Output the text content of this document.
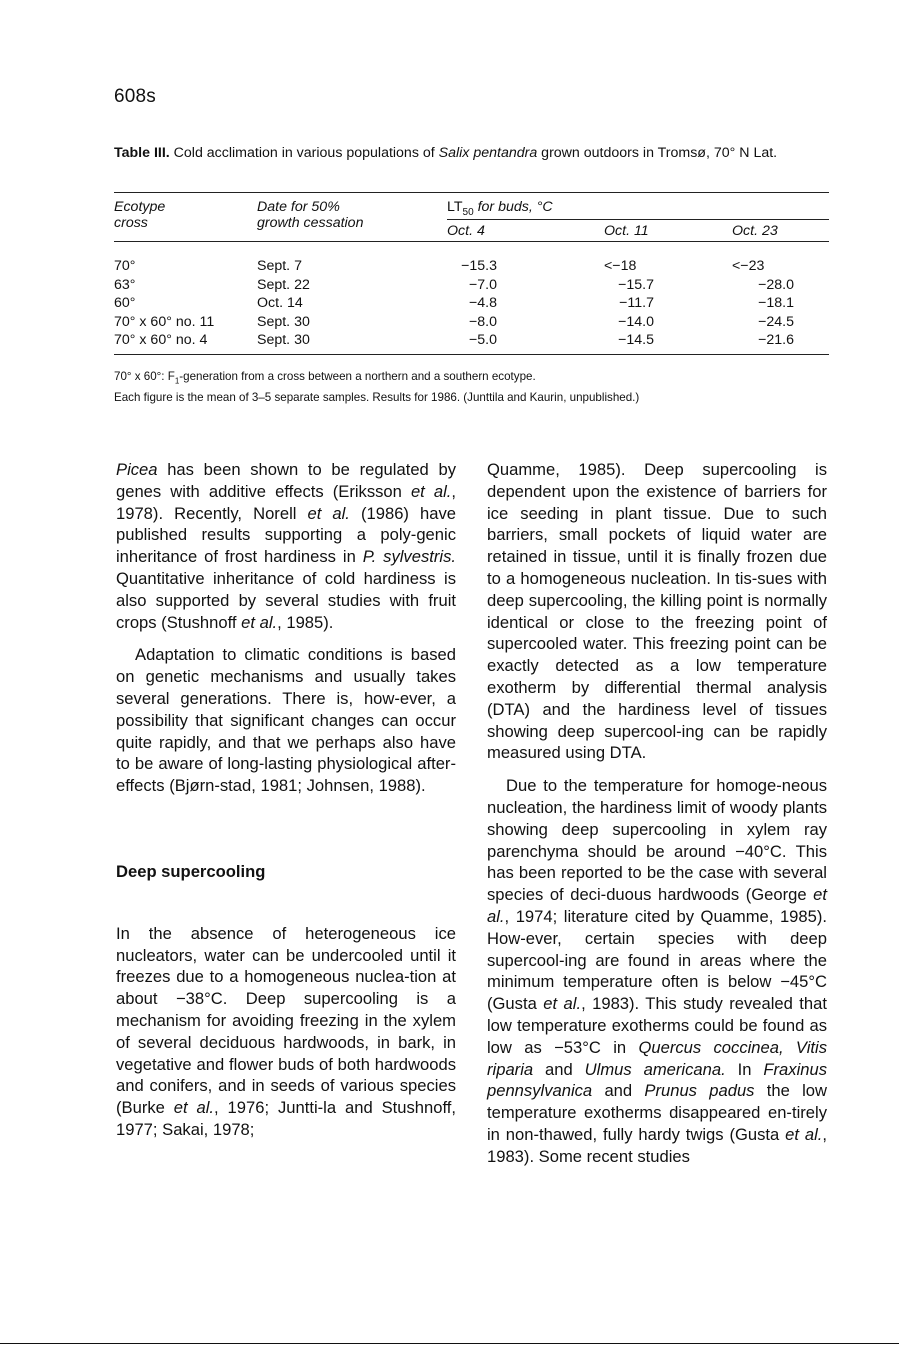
608s
Table III. Cold acclimation in various populations of Salix pentandra grown outdoors in Tromsø, 70° N Lat.
Ecotype
cross
Date for 50%
growth cessation
$LT_{50}$ for buds, °C
Oct. 4	Oct. 11	Oct. 23
70°	Sept. 7	−15.3	<−18	<−23
63°	Sept. 22	−7.0	−15.7	−28.0
60°	Oct. 14	−4.8	−11.7	−18.1
70° x 60° no. 11	Sept. 30	−8.0	−14.0	−24.5
70° x 60° no. 4	Sept. 30	−5.0	−14.5	−21.6
70° x 60°: $F_1$-generation from a cross between a northern and a southern ecotype.
Each figure is the mean of 3–5 separate samples. Results for 1986. (Junttila and Kaurin, unpublished.)

Picea has been shown to be regulated by genes with additive effects (Eriksson et al., 1978). Recently, Norell et al. (1986) have published results supporting a poly-genic inheritance of frost hardiness in P. sylvestris. Quantitative inheritance of cold hardiness is also supported by several studies with fruit crops (Stushnoff et al., 1985).

Adaptation to climatic conditions is based on genetic mechanisms and usually takes several generations. There is, how-ever, a possibility that significant changes can occur quite rapidly, and that we perhaps also have to be aware of long-lasting physiological after-effects (Bjørn-stad, 1981; Johnsen, 1988).

Deep supercooling

In the absence of heterogeneous ice nucleators, water can be undercooled until it freezes due to a homogeneous nuclea-tion at about −38°C. Deep supercooling is a mechanism for avoiding freezing in the xylem of several deciduous hardwoods, in bark, in vegetative and flower buds of both hardwoods and conifers, and in seeds of various species (Burke et al., 1976; Juntti-la and Stushnoff, 1977; Sakai, 1978;

Quamme, 1985). Deep supercooling is dependent upon the existence of barriers for ice seeding in plant tissue. Due to such barriers, small pockets of liquid water are retained in tissue, until it is finally frozen due to a homogeneous nucleation. In tis-sues with deep supercooling, the killing point is normally identical or close to the freezing point of supercooled water. This freezing point can be exactly detected as a low temperature exotherm by differential thermal analysis (DTA) and the hardiness level of tissues showing deep supercool-ing can be rapidly measured using DTA.

Due to the temperature for homoge-neous nucleation, the hardiness limit of woody plants showing deep supercooling in xylem ray parenchyma should be around −40°C. This has been reported to be the case with several species of deci-duous hardwoods (George et al., 1974; literature cited by Quamme, 1985). How-ever, certain species with deep supercool-ing are found in areas where the minimum temperature often is below −45°C (Gusta et al., 1983). This study revealed that low temperature exotherms could be found as low as −53°C in Quercus coccinea, Vitis riparia and Ulmus americana. In Fraxinus pennsylvanica and Prunus padus the low temperature exotherms disappeared en-tirely in non-thawed, fully hardy twigs (Gusta et al., 1983). Some recent studies
